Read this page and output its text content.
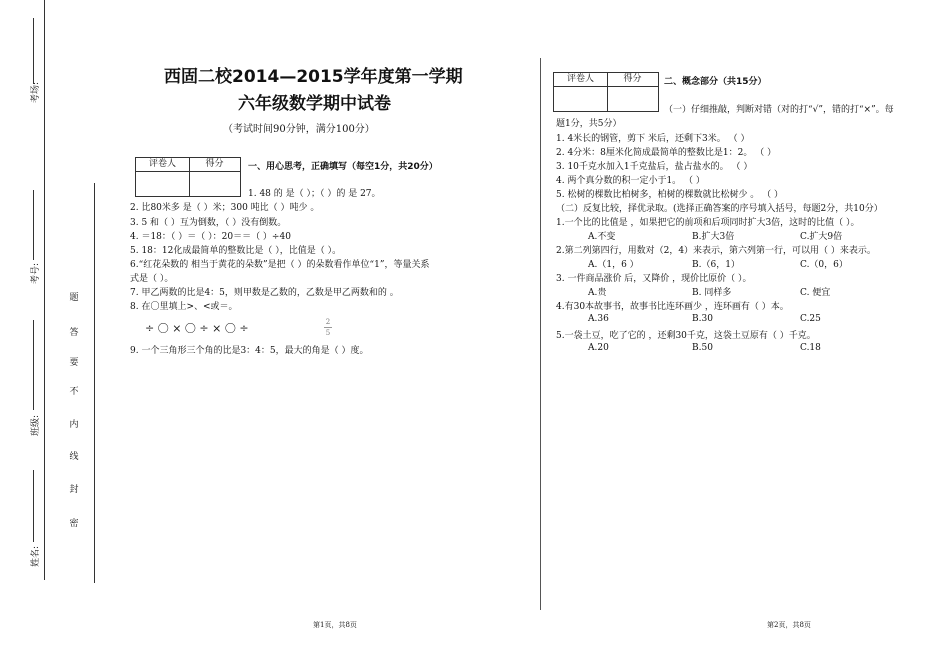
考场:
考号:
班级:
姓名:
密
封
线
内
不
要
答
题
西固二校2014—2015学年度第一学期
六年级数学期中试卷
（考试时间90分钟，满分100分）
评卷人	得分	一、用心思考，正确填写（每空1分，共20分）
1. 48 的 是（ ）；（ ）的 是 27。
2. 比80米多 是（ ）米；300 吨比（ ）吨少 。
3. 5 和（ ）互为倒数，（ ）没有倒数。
4. ＝18：（ ）＝（ ）：20＝＝（ ）÷40
5. 18：12化成最简单的整数比是（ ），比值是（ ）。
6.“红花朵数的 相当于黄花的朵数”是把（ ）的朵数看作单位“1”，等量关系
式是（ ）。
7. 甲乙两数的比是4：5，则甲数是乙数的，乙数是甲乙两数和的 。
8. 在〇里填上>、<或＝。
÷ 〇 × 〇 ÷ × 〇 ÷	2
5
9. 一个三角形三个角的比是3：4：5，最大的角是（ ）度。
评卷人	得分	二、概念部分（共15分）
（一）仔细推敲，判断对错（对的打“√”，错的打“×”。每
题1分，共5分）
1. 4米长的钢管，剪下 米后，还剩下3米。 （ ）
2. 4分米：8厘米化简成最简单的整数比是1：2。 （ ）
3. 10千克水加入1千克盐后，盐占盐水的。 （ ）
4. 两个真分数的积一定小于1。 （ ）
5. 松树的棵数比柏树多，柏树的棵数就比松树少 。 （ ）
（二）反复比较，择优录取。(选择正确答案的序号填入括号，每题2分，共10分）
1.一个比的比值是 ，如果把它的前项和后项同时扩大3倍，这时的比值（ ）。
A.不变	B.扩大3倍	C.扩大9倍
2.第二列第四行，用数对（2，4）来表示，第六列第一行，可以用（ ）来表示。
A.（1，6 ）	B.（6，1）	C.（0，6）
3. 一件商品涨价 后，又降价 ，现价比原价（ ）。
A.贵	B. 同样多	C. 便宜
4.有30本故事书，故事书比连环画少 ，连环画有（ ）本。
A.36	B.30	C.25
5.一袋土豆，吃了它的 ，还剩30千克，这袋土豆原有（ ）千克。
A.20	B.50	C.18
第1页，共8页	第2页，共8页
